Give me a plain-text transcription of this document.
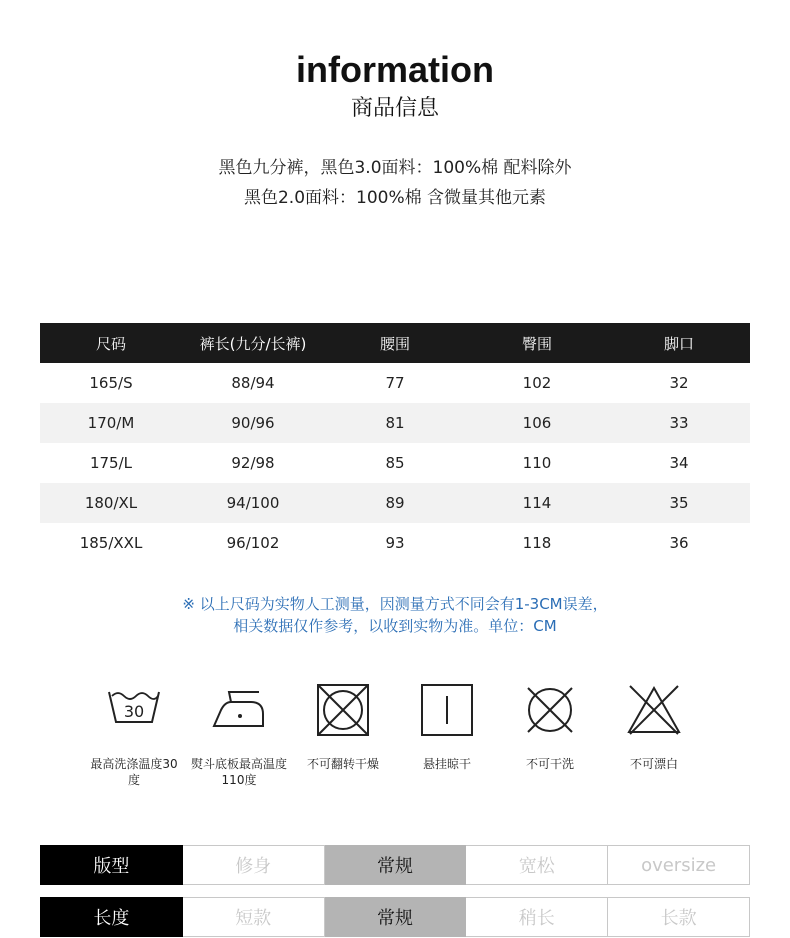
information
商品信息
黑色九分裤，黑色3.0面料：100%棉 配料除外
黑色2.0面料：100%棉 含微量其他元素
尺码	裤长(九分/长裤)	腰围	臀围	脚口
165/S	88/94	77	102	32
170/M	90/96	81	106	33
175/L	92/98	85	110	34
180/XL	94/100	89	114	35
185/XXL	96/102	93	118	36
※ 以上尺码为实物人工测量，因测量方式不同会有1-3CM误差，
相关数据仅作参考，以收到实物为准。单位：CM
30
最高洗涤温度30度
熨斗底板最高温度110度
不可翻转干燥	悬挂晾干	不可干洗	不可漂白
版型	修身	常规	宽松	oversize
长度	短款	常规	稍长	长款
